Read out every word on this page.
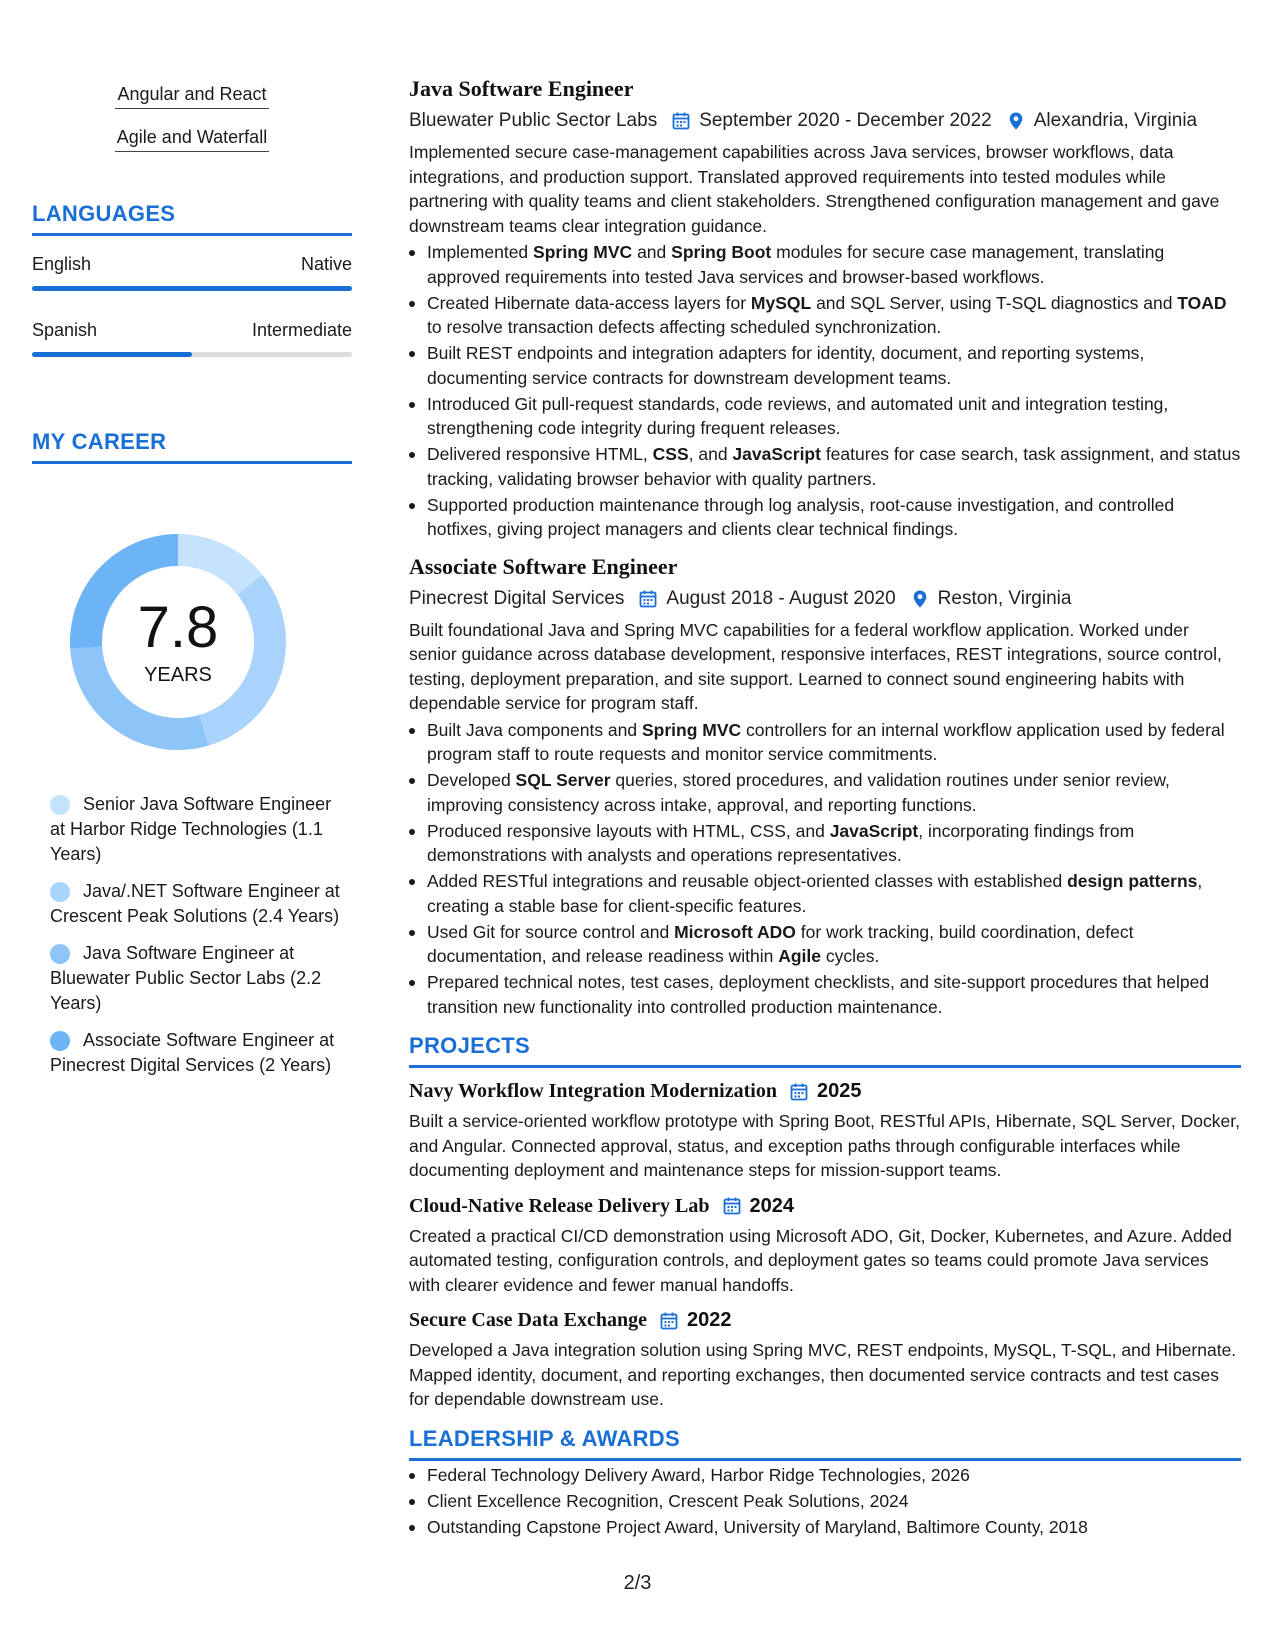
Angular and React
Agile and Waterfall
LANGUAGES
English	Native
Spanish	Intermediate
MY CAREER
7.8
YEARS
Senior Java Software Engineer at Harbor Ridge Technologies (1.1 Years)
Java/.NET Software Engineer at Crescent Peak Solutions (2.4 Years)
Java Software Engineer at Bluewater Public Sector Labs (2.2 Years)
Associate Software Engineer at Pinecrest Digital Services (2 Years)
Java Software Engineer
Bluewater Public Sector Labs September 2020 - December 2022 Alexandria, Virginia

Implemented secure case-management capabilities across Java services, browser workflows, data integrations, and production support. Translated approved requirements into tested modules while partnering with quality teams and client stakeholders. Strengthened configuration management and gave downstream teams clear integration guidance.

Implemented Spring MVC and Spring Boot modules for secure case management, translating approved requirements into tested Java services and browser-based workflows.
Created Hibernate data-access layers for MySQL and SQL Server, using T-SQL diagnostics and TOAD to resolve transaction defects affecting scheduled synchronization.
Built REST endpoints and integration adapters for identity, document, and reporting systems, documenting service contracts for downstream development teams.
Introduced Git pull-request standards, code reviews, and automated unit and integration testing, strengthening code integrity during frequent releases.
Delivered responsive HTML, CSS, and JavaScript features for case search, task assignment, and status tracking, validating browser behavior with quality partners.
Supported production maintenance through log analysis, root-cause investigation, and controlled hotfixes, giving project managers and clients clear technical findings.
Associate Software Engineer
Pinecrest Digital Services August 2018 - August 2020 Reston, Virginia

Built foundational Java and Spring MVC capabilities for a federal workflow application. Worked under senior guidance across database development, responsive interfaces, REST integrations, source control, testing, deployment preparation, and site support. Learned to connect sound engineering habits with dependable service for program staff.

Built Java components and Spring MVC controllers for an internal workflow application used by federal program staff to route requests and monitor service commitments.
Developed SQL Server queries, stored procedures, and validation routines under senior review, improving consistency across intake, approval, and reporting functions.
Produced responsive layouts with HTML, CSS, and JavaScript, incorporating findings from demonstrations with analysts and operations representatives.
Added RESTful integrations and reusable object-oriented classes with established design patterns, creating a stable base for client-specific features.
Used Git for source control and Microsoft ADO for work tracking, build coordination, defect documentation, and release readiness within Agile cycles.
Prepared technical notes, test cases, deployment checklists, and site-support procedures that helped transition new functionality into controlled production maintenance.
PROJECTS
Navy Workflow Integration Modernization 2025

Built a service-oriented workflow prototype with Spring Boot, RESTful APIs, Hibernate, SQL Server, Docker, and Angular. Connected approval, status, and exception paths through configurable interfaces while documenting deployment and maintenance steps for mission-support teams.

Cloud-Native Release Delivery Lab 2024

Created a practical CI/CD demonstration using Microsoft ADO, Git, Docker, Kubernetes, and Azure. Added automated testing, configuration controls, and deployment gates so teams could promote Java services with clearer evidence and fewer manual handoffs.

Secure Case Data Exchange 2022

Developed a Java integration solution using Spring MVC, REST endpoints, MySQL, T-SQL, and Hibernate. Mapped identity, document, and reporting exchanges, then documented service contracts and test cases for dependable downstream use.

LEADERSHIP & AWARDS
Federal Technology Delivery Award, Harbor Ridge Technologies, 2026
Client Excellence Recognition, Crescent Peak Solutions, 2024
Outstanding Capstone Project Award, University of Maryland, Baltimore County, 2018
2/3
